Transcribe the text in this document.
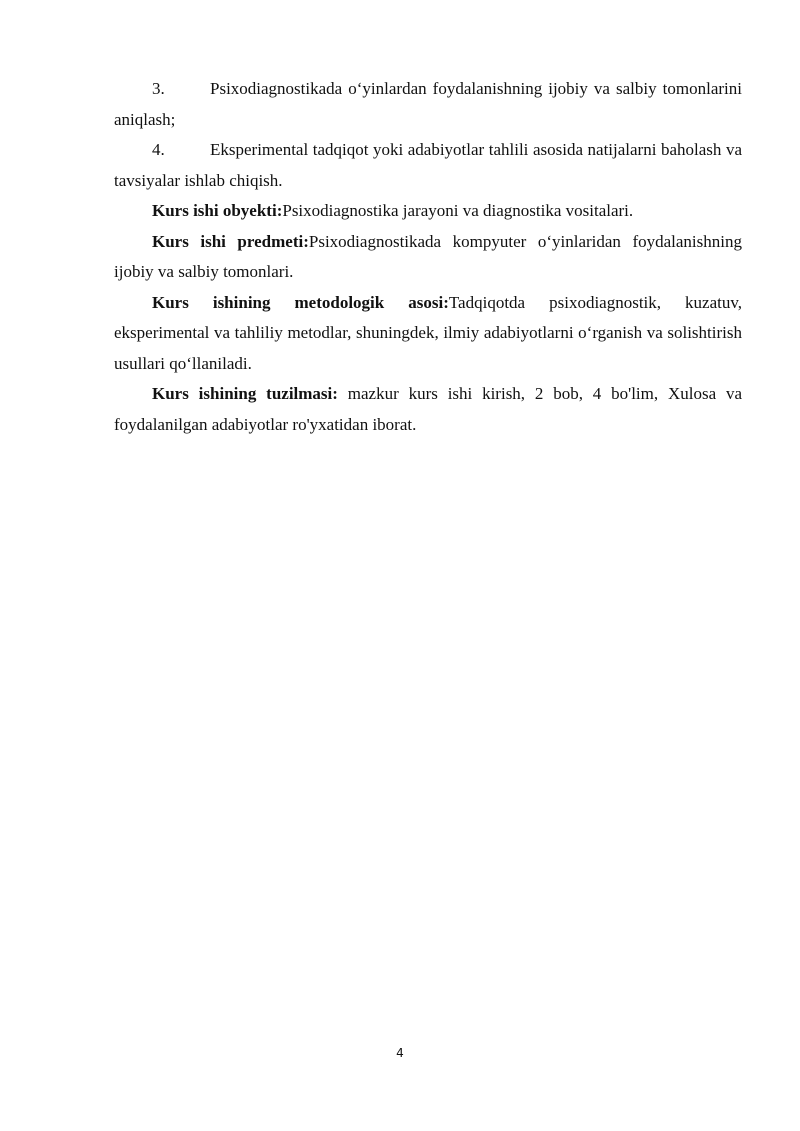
3.	Psixodiagnostikada o‘yinlardan foydalanishning ijobiy va salbiy tomonlarini aniqlash;

4.	Eksperimental tadqiqot yoki adabiyotlar tahlili asosida natijalarni baholash va tavsiyalar ishlab chiqish.

Kurs ishi obyekti:Psixodiagnostika jarayoni va diagnostika vositalari.

Kurs ishi predmeti:Psixodiagnostikada kompyuter o‘yinlaridan foydalanishning ijobiy va salbiy tomonlari.

Kurs ishining metodologik asosi:Tadqiqotda psixodiagnostik, kuzatuv, eksperimental va tahliliy metodlar, shuningdek, ilmiy adabiyotlarni o‘rganish va solishtirish usullari qo‘llaniladi.

Kurs ishining tuzilmasi: mazkur kurs ishi kirish, 2 bob, 4 bo'lim, Xulosa va foydalanilgan adabiyotlar ro'yxatidan iborat.

4
